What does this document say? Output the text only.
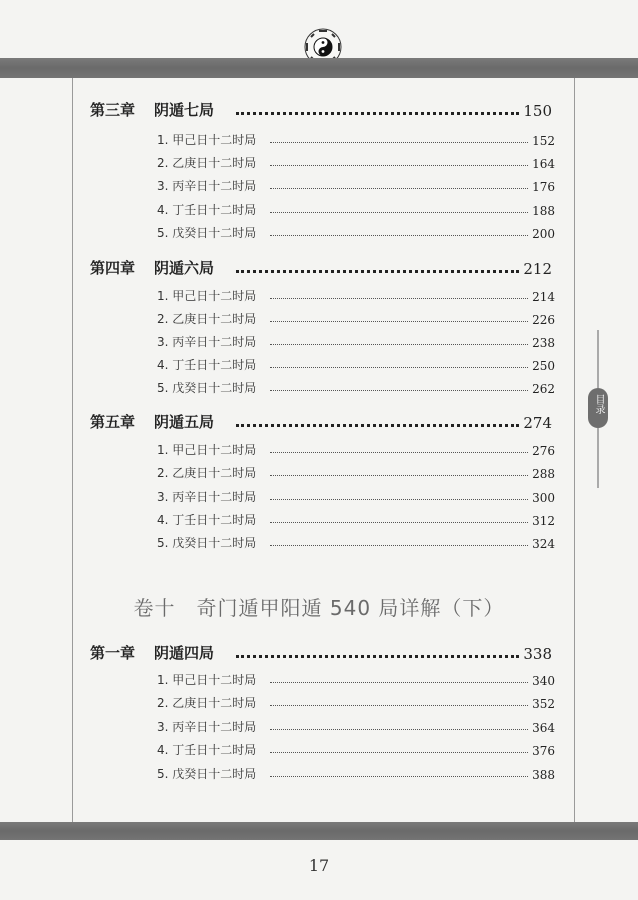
目录
第三章	阴遁七局	150
1. 甲己日十二时局	152
2. 乙庚日十二时局	164
3. 丙辛日十二时局	176
4. 丁壬日十二时局	188
5. 戊癸日十二时局	200
第四章	阴遁六局	212
1. 甲己日十二时局	214
2. 乙庚日十二时局	226
3. 丙辛日十二时局	238
4. 丁壬日十二时局	250
5. 戊癸日十二时局	262
第五章	阴遁五局	274
1. 甲己日十二时局	276
2. 乙庚日十二时局	288
3. 丙辛日十二时局	300
4. 丁壬日十二时局	312
5. 戊癸日十二时局	324
卷十　奇门遁甲阳遁 540 局详解（下）
第一章	阴遁四局	338
1. 甲己日十二时局	340
2. 乙庚日十二时局	352
3. 丙辛日十二时局	364
4. 丁壬日十二时局	376
5. 戊癸日十二时局	388
17
